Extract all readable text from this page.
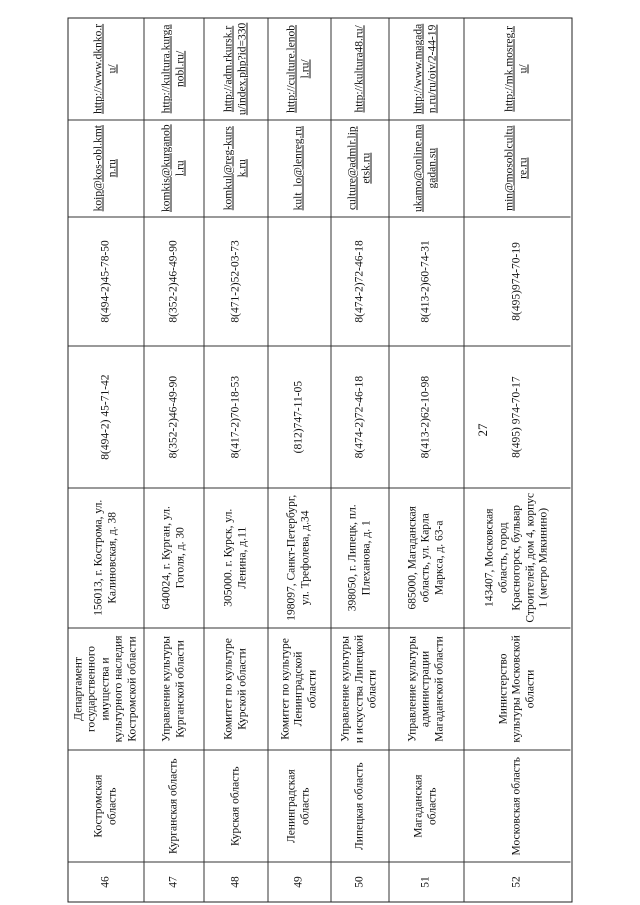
27
46
Костромская область
Департамент государственного имущества и культурного наследия Костромской области
156013, г. Кострома, ул. Калиновская, д. 38
8(494-2) 45-71-42
8(494-2)45-78-50
koip@kos-obl.kmtn.ru
http://www.dknko.ru/
47
Курганская область
Управление культуры Курганской области
640024, г. Курган, ул. Гоголя, д. 30
8(352-2)46-49-90
8(352-2)46-49-90
komkis@kurganobl.ru
http://kultura.kurganobl.ru/
48
Курская область
Комитет по культуре Курской области
305000. г. Курск, ул. Ленина, д.11
8(417-2)70-18-53
8(471-2)52-03-73
komkul@reg-kursk.ru
http://adm.rkursk.ru/index.php?id=330
49
Ленинградская область
Комитет по культуре Ленинградской области
198097, Санкт-Петербург, ул. Трефолева, д.34
(812)747-11-05
kult_lo@lenreg.ru
http://culture.lenobl.ru/
50
Липецкая область
Управление культуры и искусства Липецкой области
398050, г. Липецк, пл. Плеханова, д. 1
8(474-2)72-46-18
8(474-2)72-46-18
culture@admlr.lipetsk.ru
http://kultura48.ru/
51
Магаданская область
Управление культуры администрации Магаданской области
685000, Магаданская область, ул. Карла Маркса, д. 63-а
8(413-2)62-10-98
8(413-2)60-74-31
ukamo@online.magadan.su
http://www.magadan.ru/ru/oiv/2-44-19
52
Московская область
Министерство культуры Московской области
143407, Московская область, город Красногорск, бульвар Строителей, дом 4, корпус 1 (метро Мякинино)
8(495) 974-70-17
8(495)974-70-19
min@mosoblculture.ru
http://mk.mosreg.ru/
